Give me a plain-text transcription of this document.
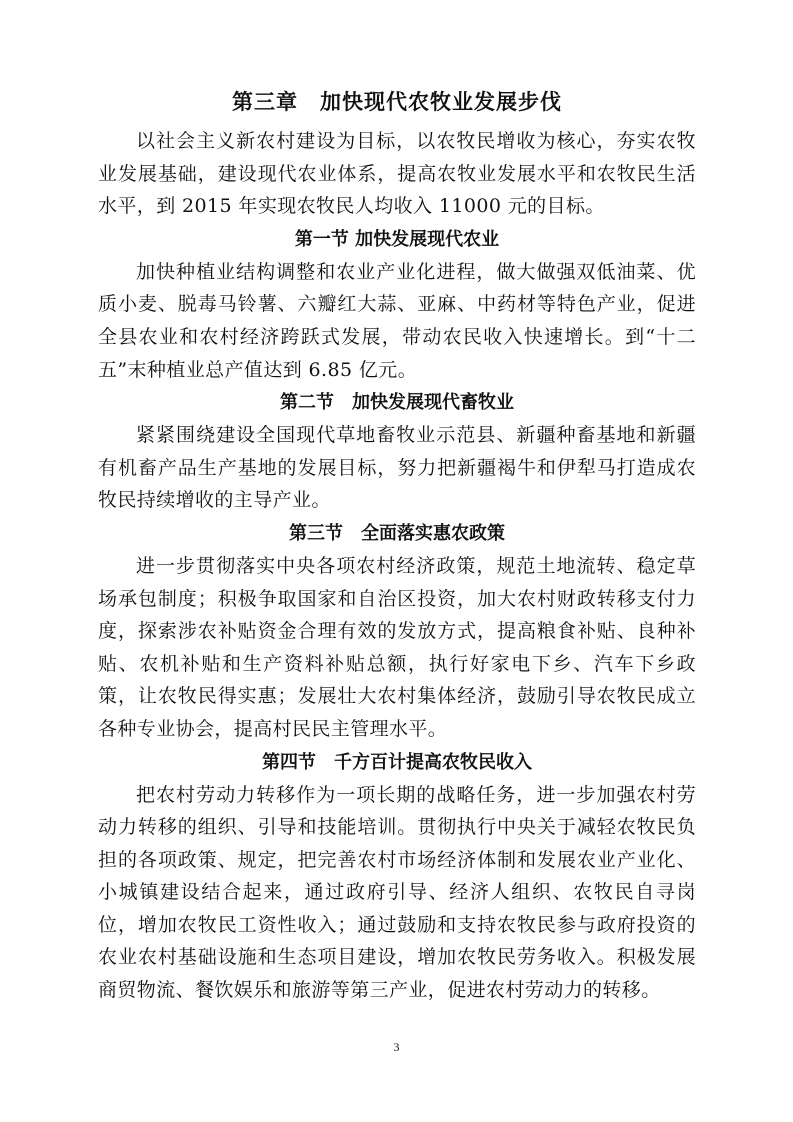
第三章　加快现代农牧业发展步伐

以社会主义新农村建设为目标，以农牧民增收为核心，夯实农牧业发展基础，建设现代农业体系，提高农牧业发展水平和农牧民生活水平，到 2015 年实现农牧民人均收入 11000 元的目标。

第一节 加快发展现代农业

加快种植业结构调整和农业产业化进程，做大做强双低油菜、优质小麦、脱毒马铃薯、六瓣红大蒜、亚麻、中药材等特色产业，促进全县农业和农村经济跨跃式发展，带动农民收入快速增长。到“十二五”末种植业总产值达到 6.85 亿元。

第二节　加快发展现代畜牧业

紧紧围绕建设全国现代草地畜牧业示范县、新疆种畜基地和新疆有机畜产品生产基地的发展目标，努力把新疆褐牛和伊犁马打造成农牧民持续增收的主导产业。

第三节　全面落实惠农政策

进一步贯彻落实中央各项农村经济政策，规范土地流转、稳定草场承包制度；积极争取国家和自治区投资，加大农村财政转移支付力度，探索涉农补贴资金合理有效的发放方式，提高粮食补贴、良种补贴、农机补贴和生产资料补贴总额，执行好家电下乡、汽车下乡政策，让农牧民得实惠；发展壮大农村集体经济，鼓励引导农牧民成立各种专业协会，提高村民民主管理水平。

第四节　千方百计提高农牧民收入

把农村劳动力转移作为一项长期的战略任务，进一步加强农村劳动力转移的组织、引导和技能培训。贯彻执行中央关于减轻农牧民负担的各项政策、规定，把完善农村市场经济体制和发展农业产业化、小城镇建设结合起来，通过政府引导、经济人组织、农牧民自寻岗位，增加农牧民工资性收入；通过鼓励和支持农牧民参与政府投资的农业农村基础设施和生态项目建设，增加农牧民劳务收入。积极发展商贸物流、餐饮娱乐和旅游等第三产业，促进农村劳动力的转移。

3
